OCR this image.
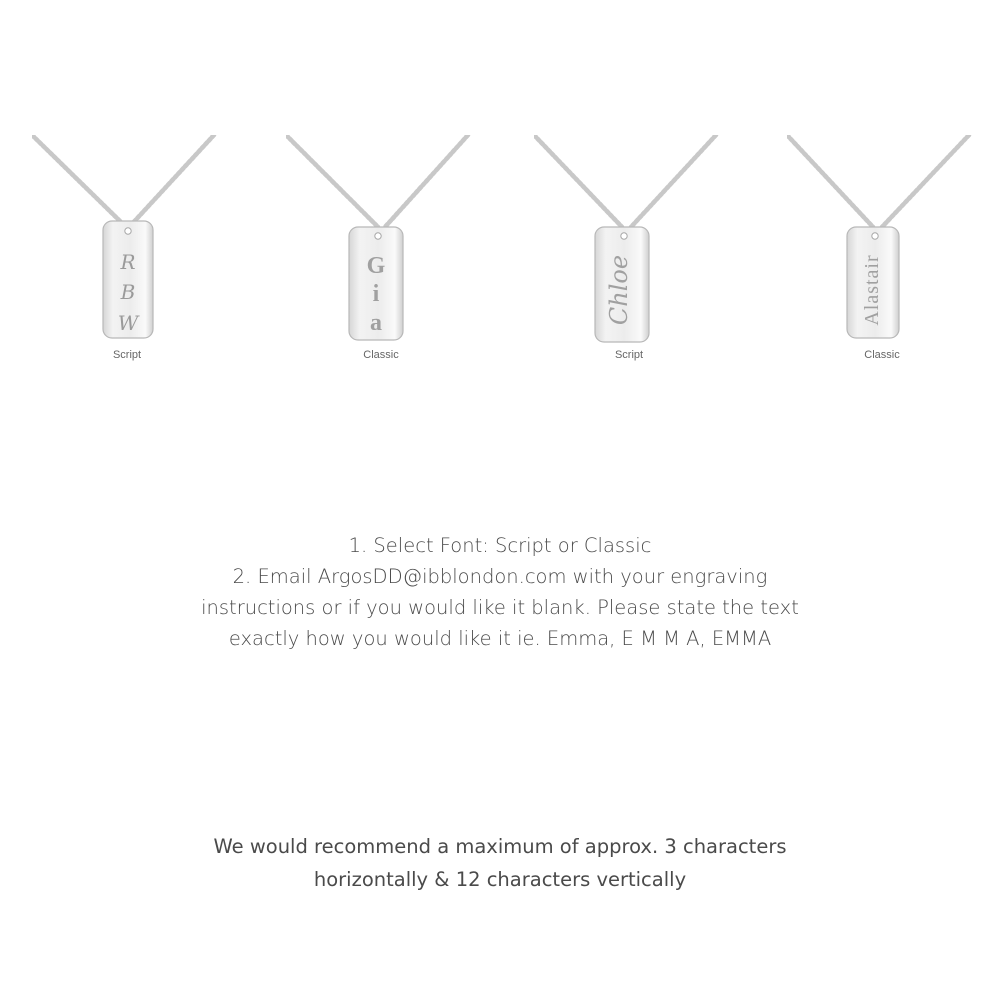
R
B
W
Script
G
i
a
Classic
Chloe
Script
Alastair
Classic
1. Select Font: Script or Classic
2. Email ArgosDD@ibblondon.com with your engraving
instructions or if you would like it blank. Please state the text
exactly how you would like it ie. Emma, E M M A, EMMA
We would recommend a maximum of approx. 3 characters
horizontally & 12 characters vertically
